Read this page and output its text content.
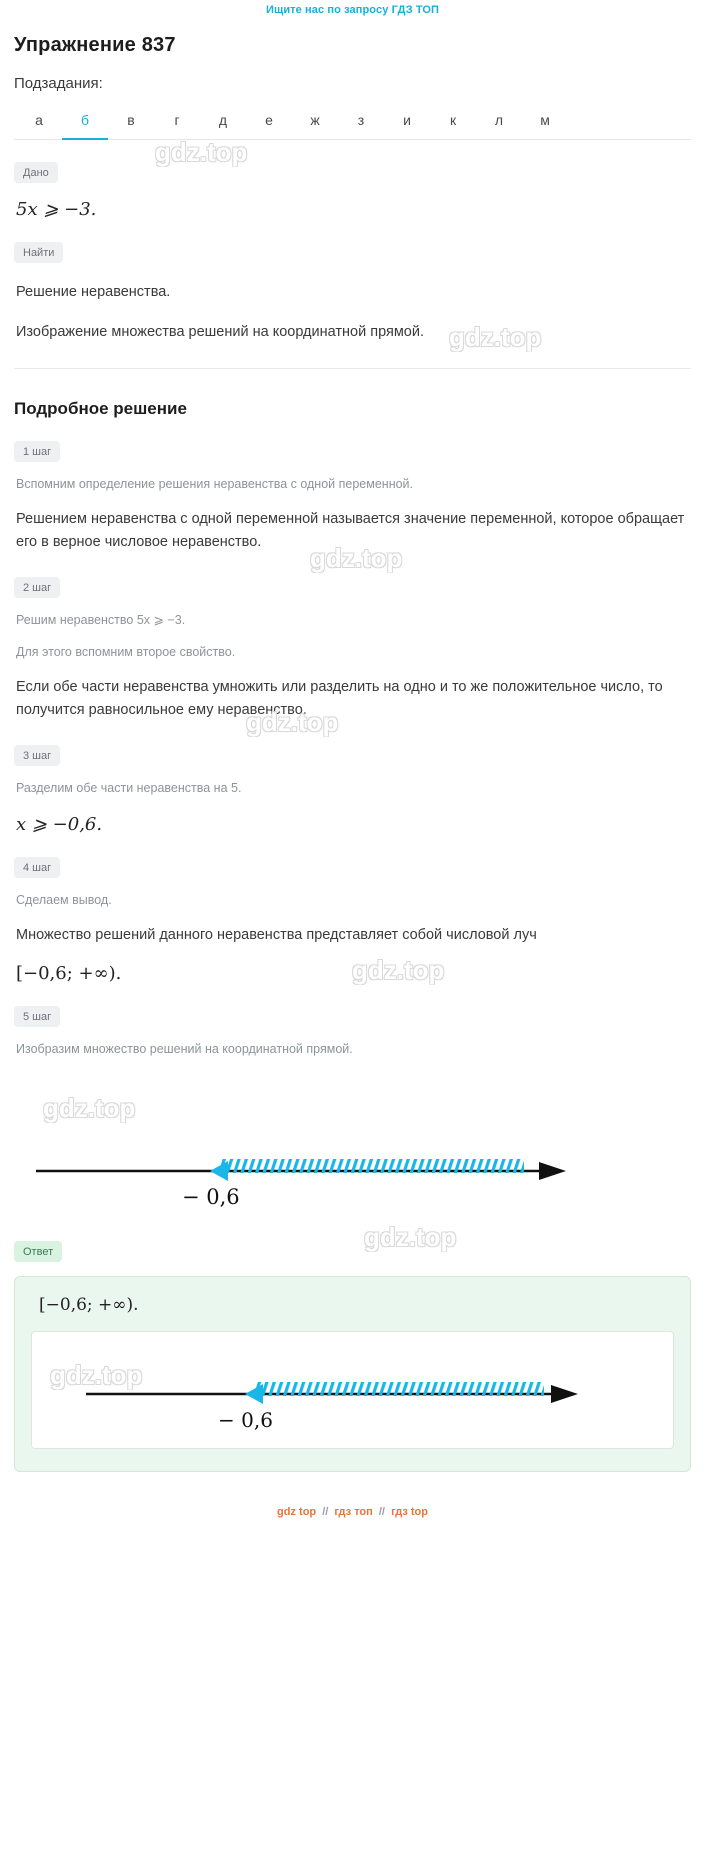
Ищите нас по запросу ГДЗ ТОП
Упражнение 837
Подзадания:
а	б	в	г	д	е	ж	з	и	к	л	м
Дано
5x ⩾ −3.
Найти
Решение неравенства.
Изображение множества решений на координатной прямой.
Подробное решение
1 шаг
Вспомним определение решения неравенства с одной переменной.
Решением неравенства с одной переменной называется значение переменной, которое обращает его в верное числовое неравенство.
2 шаг
Решим неравенство 5x ⩾ −3.
Для этого вспомним второе свойство.
Если обе части неравенства умножить или разделить на одно и то же положительное число, то получится равносильное ему неравенство.
3 шаг
Разделим обе части неравенства на 5.
x ⩾ −0,6.
4 шаг
Сделаем вывод.
Множество решений данного неравенства представляет собой числовой луч
[−0,6; +∞).
5 шаг
Изобразим множество решений на координатной прямой.
− 0,6
Ответ
[−0,6; +∞).
− 0,6
gdz top // гдз топ // гдз top
gdz.top
gdz.top
gdz.top
gdz.top
gdz.top
gdz.top
gdz.top
gdz.top
